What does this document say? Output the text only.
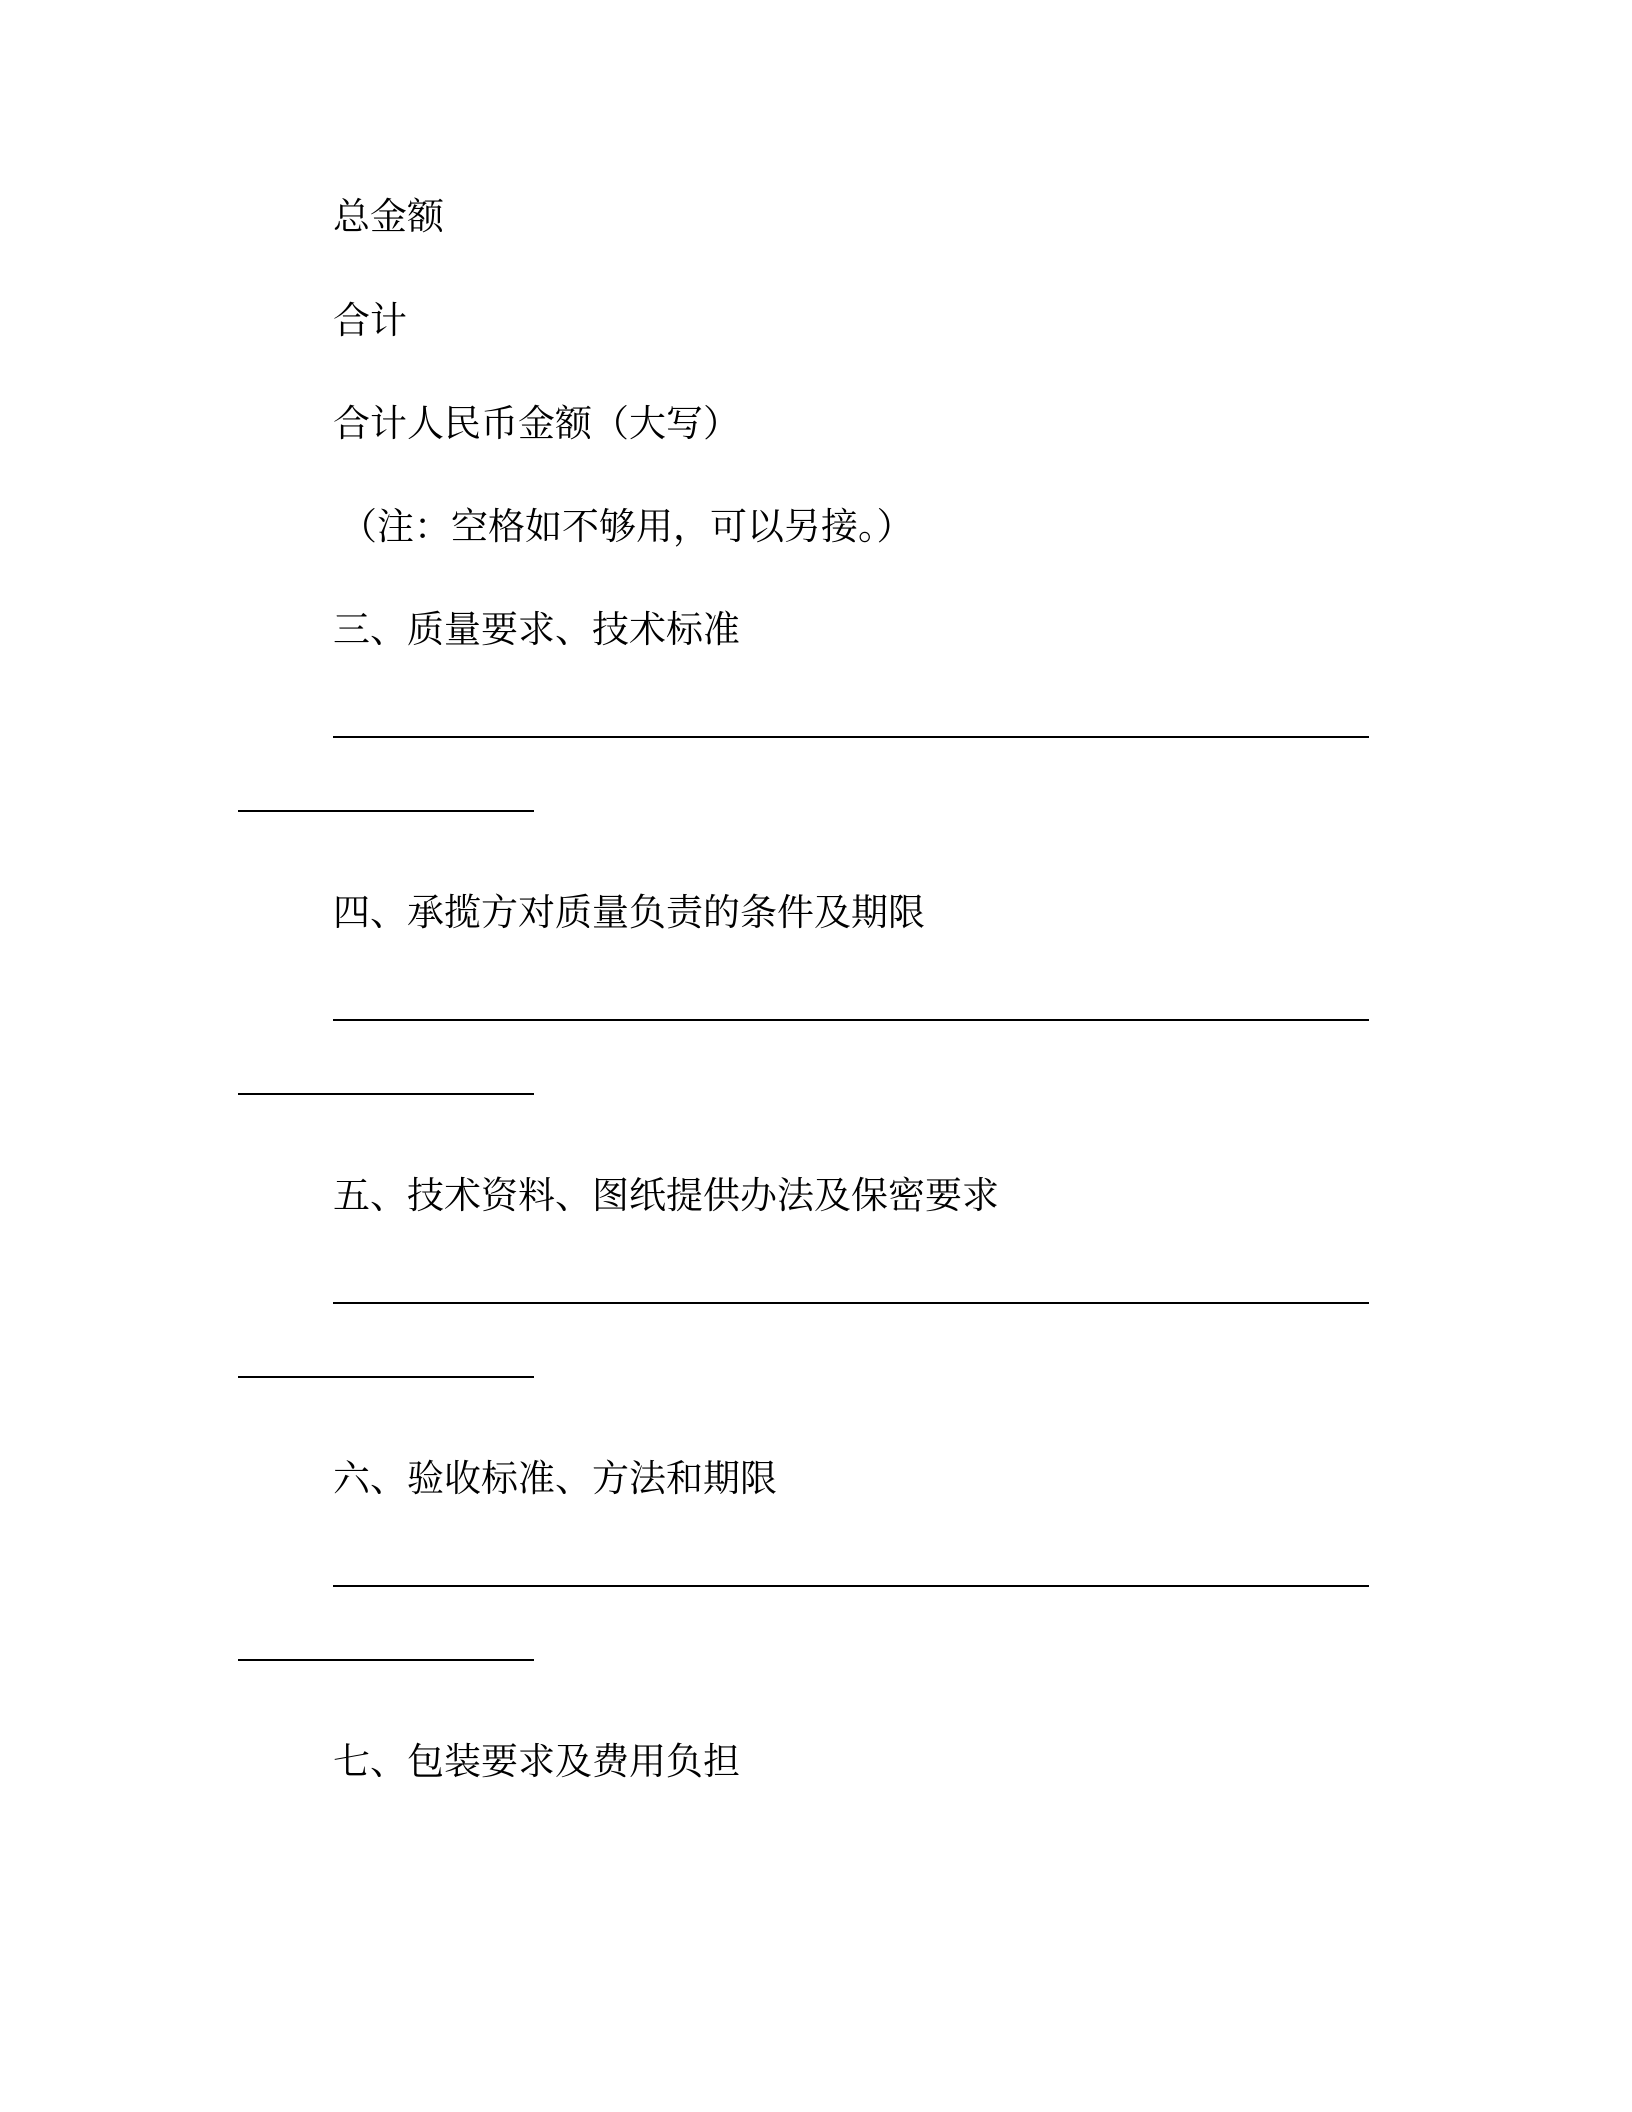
总金额
合计
合计人民币金额（大写）
（注：空格如不够用，可以另接。）
三、质量要求、技术标准
四、承揽方对质量负责的条件及期限
五、技术资料、图纸提供办法及保密要求
六、验收标准、方法和期限
七、包装要求及费用负担
